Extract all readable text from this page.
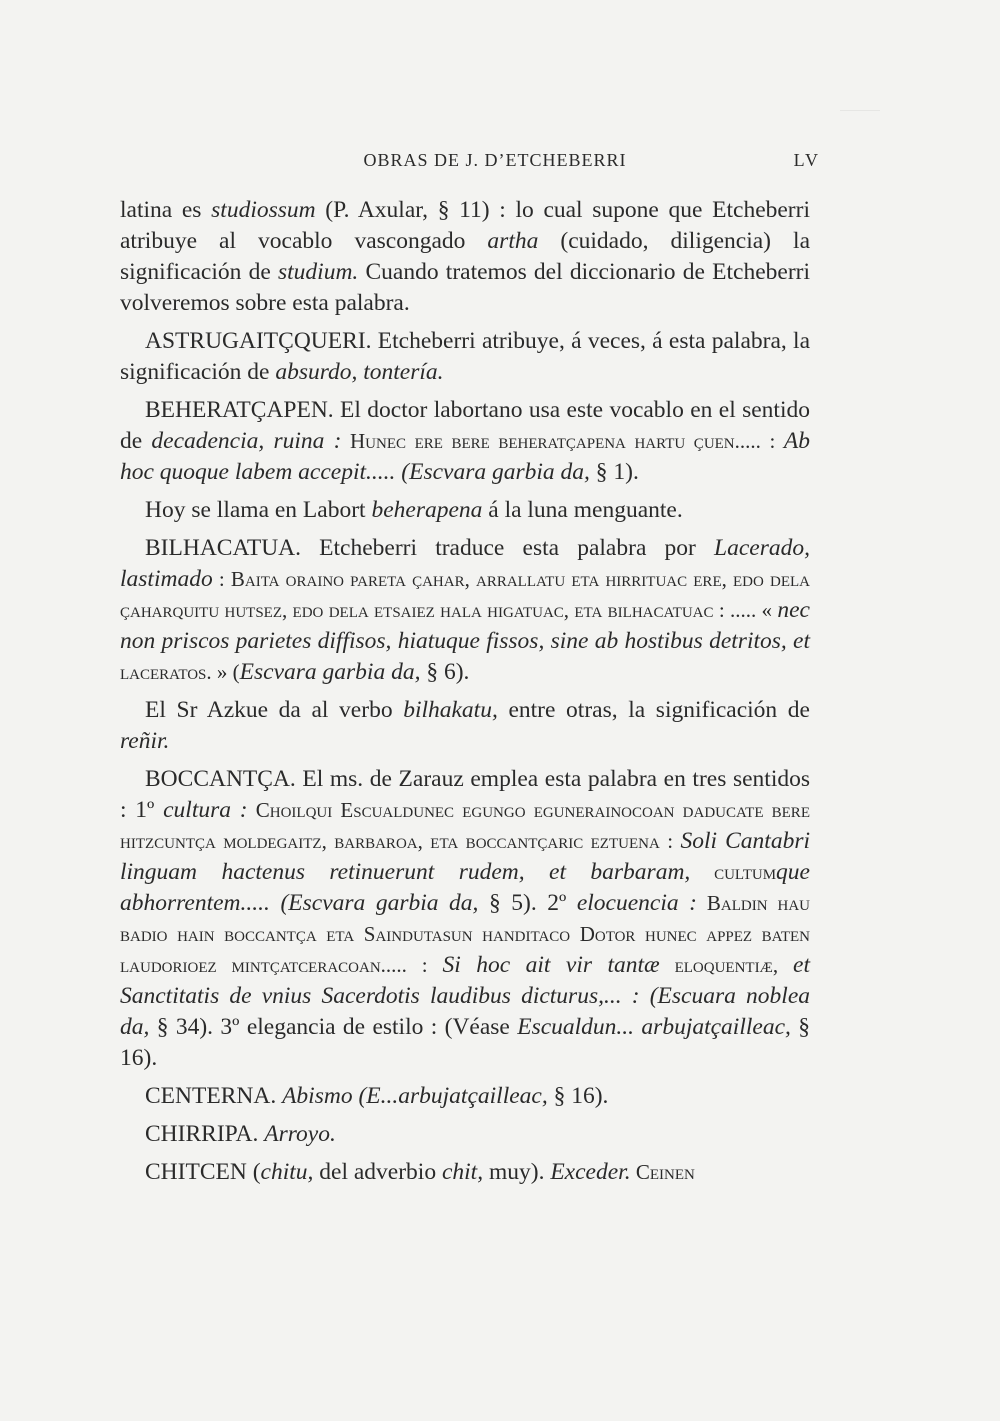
OBRAS DE J. D’ETCHEBERRI	LV

latina es studiossum (P. Axular, § 11) : lo cual supone que Etcheberri atribuye al vocablo vascongado artha (cuidado, diligencia) la significación de studium. Cuando tratemos del diccionario de Etcheberri volveremos sobre esta palabra.

ASTRUGAITÇQUERI. Etcheberri atribuye, á veces, á esta palabra, la significación de absurdo, tontería.

BEHERATÇAPEN. El doctor labortano usa este vocablo en el sentido de decadencia, ruina : Hunec ere bere beheratçapena hartu çuen..... : Ab hoc quoque labem accepit..... (Escvara garbia da, § 1).

Hoy se llama en Labort beherapena á la luna menguante.

BILHACATUA. Etcheberri traduce esta palabra por Lacerado, lastimado : Baita oraino pareta çahar, arrallatu eta hirrituac ere, edo dela çaharquitu hutsez, edo dela etsaiez hala higatuac, eta bilhacatuac : ..... « nec non priscos parietes diffisos, hiatuque fissos, sine ab hostibus detritos, et laceratos. » (Escvara garbia da, § 6).

El Sr Azkue da al verbo bilhakatu, entre otras, la significación de reñir.

BOCCANTÇA. El ms. de Zarauz emplea esta palabra en tres sentidos : 1º cultura : Choilqui Escualdunec egungo egunerainocoan daducate bere hitzcuntça moldegaitz, barbaroa, eta boccantçaric eztuena : Soli Cantabri linguam hactenus retinuerunt rudem, et barbaram, cultumque abhorrentem..... (Escvara garbia da, § 5). 2º elocuencia : Baldin hau badio hain boccantça eta Saindutasun handitaco Dotor hunec appez baten laudorioez mintçatceracoan..... : Si hoc ait vir tantæ eloquentiæ, et Sanctitatis de vnius Sacerdotis laudibus dicturus,... : (Escuara noblea da, § 34). 3º elegancia de estilo : (Véase Escualdun... arbujatçailleac, § 16).

CENTERNA. Abismo (E...arbujatçailleac, § 16).

CHIRRIPA. Arroyo.

CHITCEN (chitu, del adverbio chit, muy). Exceder. Ceinen
